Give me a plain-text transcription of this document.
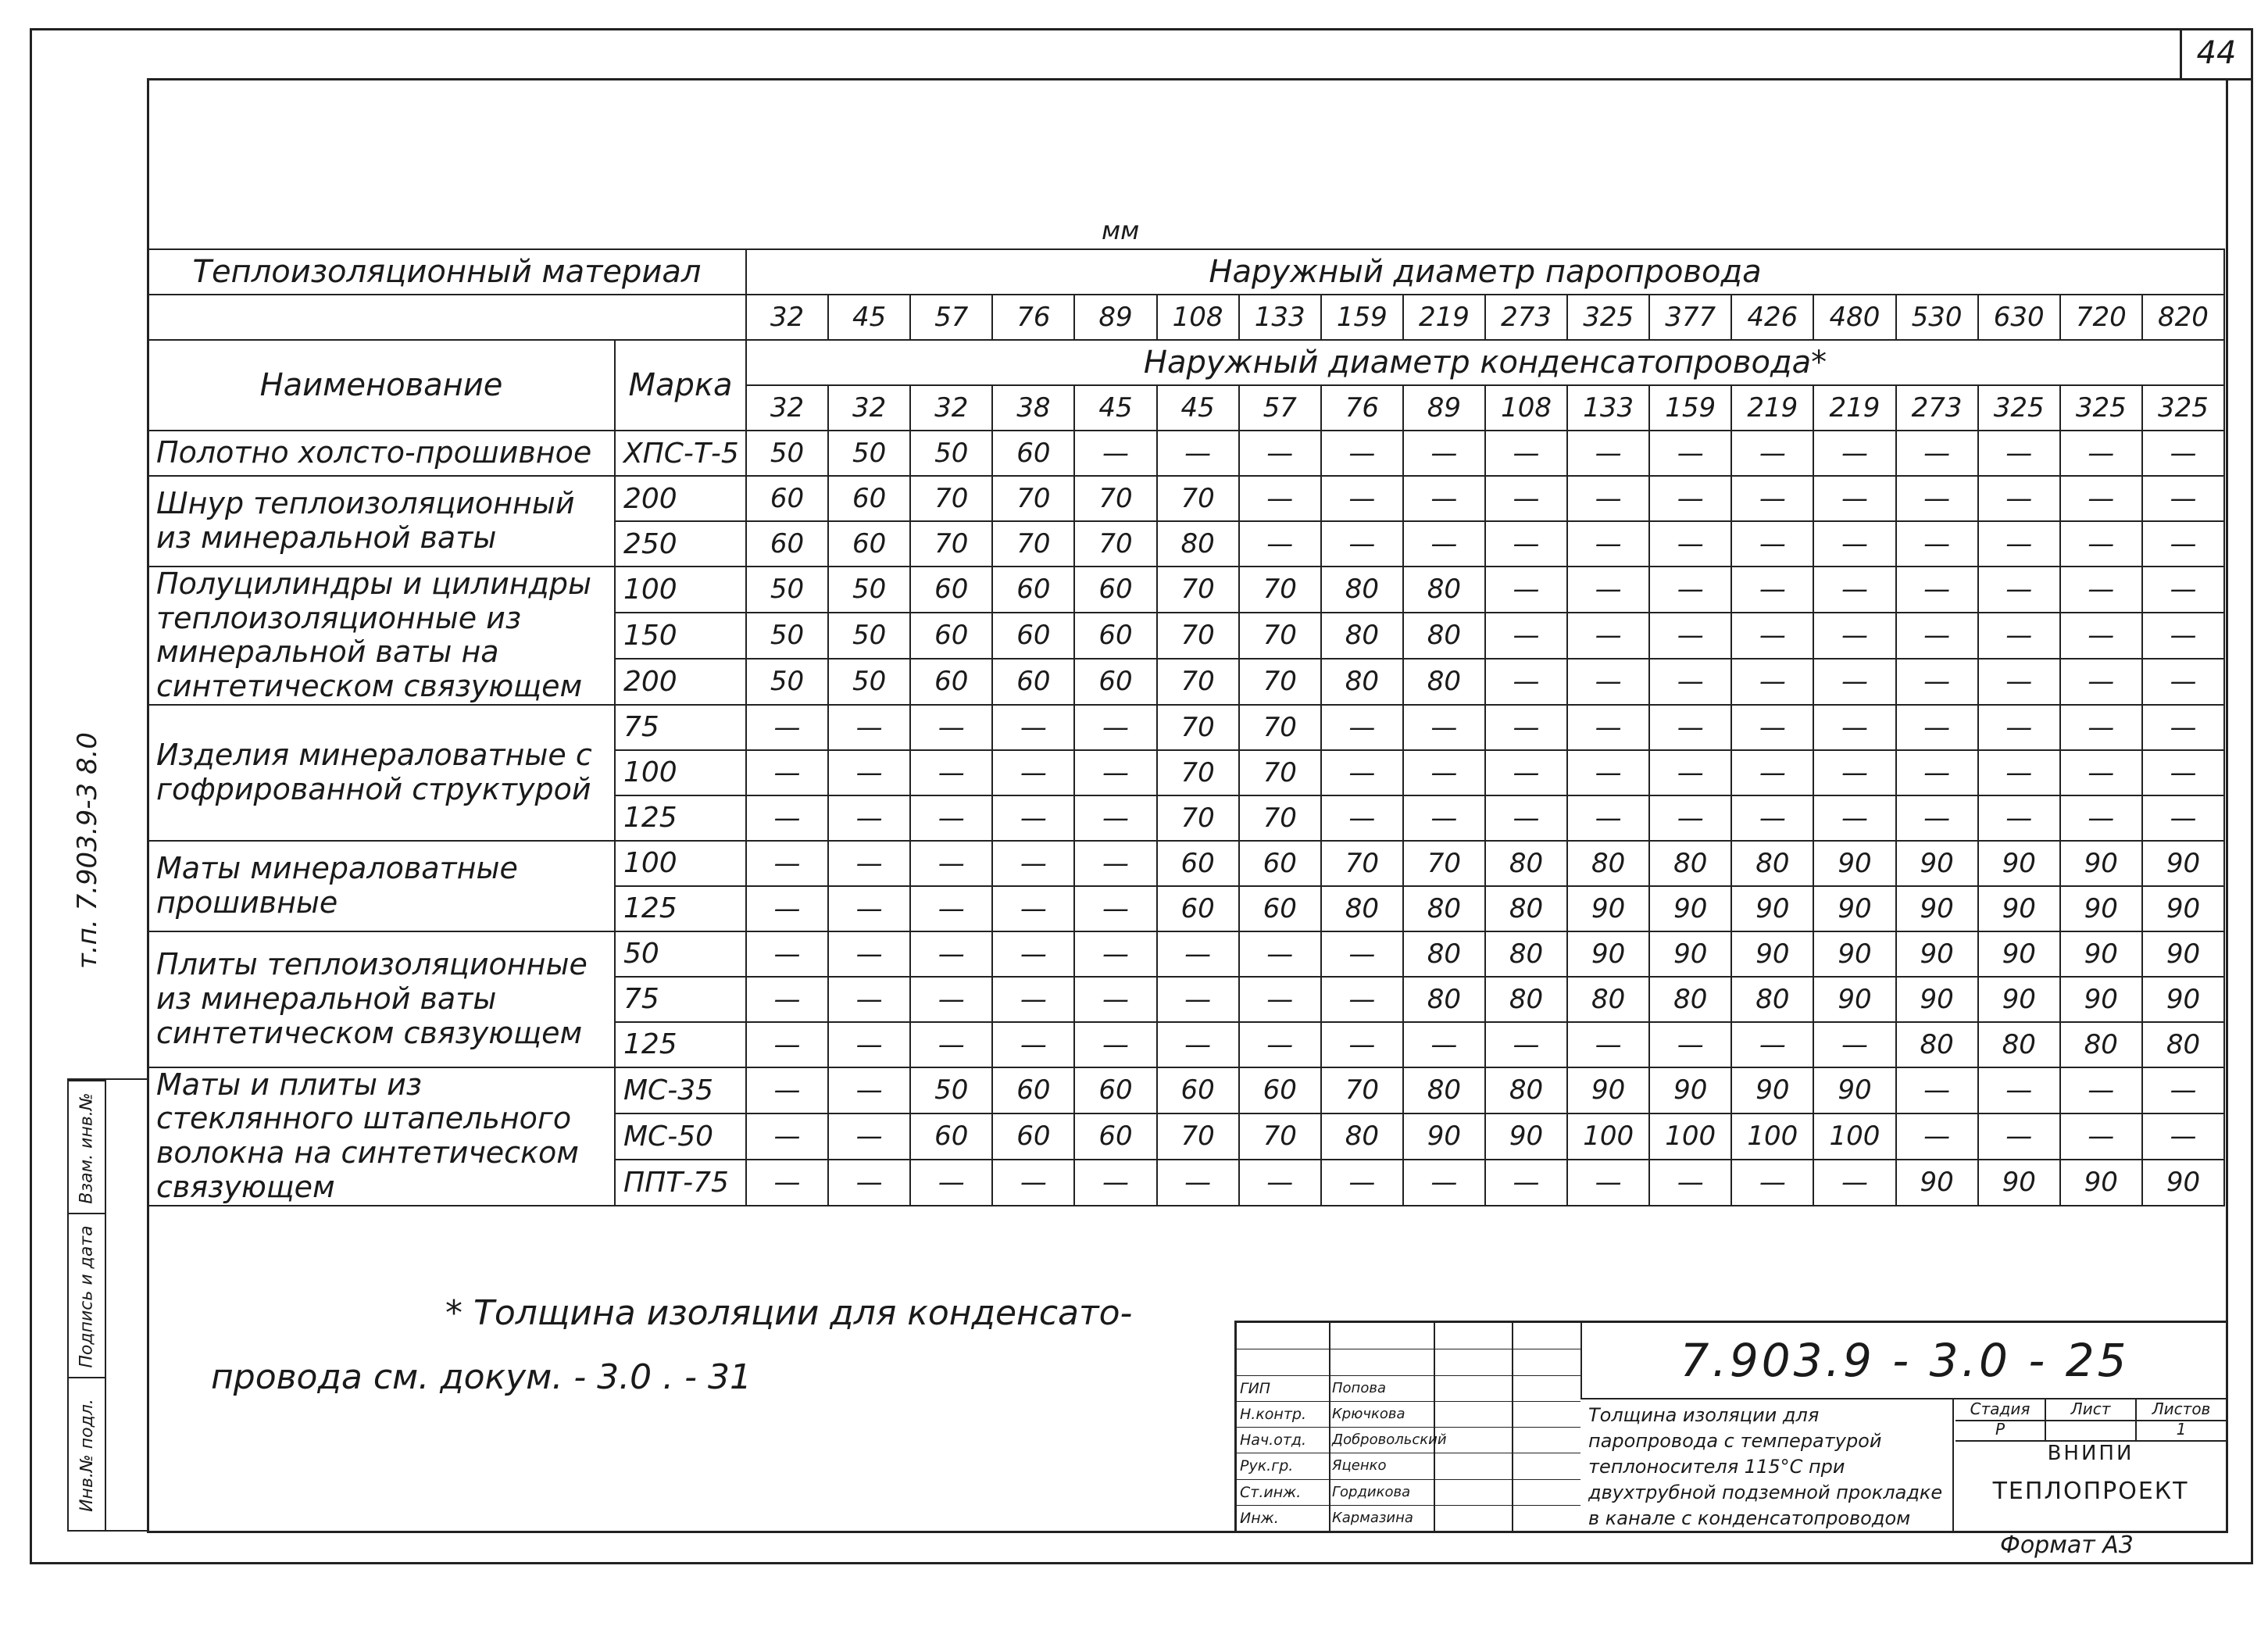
44
т.п. 7.903.9-3 8.0
Инв.№ подл.
Подпись и дата
Взам. инв.№
мм
Теплоизоляционный материал		Наружный диаметр паропровода																	
		32	45	57	76	89	108	133	159	219	273	325	377	426	480	530	630	720	820
Наименование	Марка	Наружный диаметр конденсатопровода*																	
		32	32	32	38	45	45	57	76	89	108	133	159	219	219	273	325	325	325
Полотно холсто-прошивное	ХПС-Т-5	50	50	50	60	—	—	—	—	—	—	—	—	—	—	—	—	—	—
Шнур теплоизоляционный из минеральной ваты	200	60	60	70	70	70	70	—	—	—	—	—	—	—	—	—	—	—	—
	250	60	60	70	70	70	80	—	—	—	—	—	—	—	—	—	—	—	—
Полуцилиндры и цилиндры теплоизоляционные из минеральной ваты на синтетическом связующем	100	50	50	60	60	60	70	70	80	80	—	—	—	—	—	—	—	—	—
	150	50	50	60	60	60	70	70	80	80	—	—	—	—	—	—	—	—	—
	200	50	50	60	60	60	70	70	80	80	—	—	—	—	—	—	—	—	—
Изделия минераловатные с гофрированной структурой	75	—	—	—	—	—	70	70	—	—	—	—	—	—	—	—	—	—	—
	100	—	—	—	—	—	70	70	—	—	—	—	—	—	—	—	—	—	—
	125	—	—	—	—	—	70	70	—	—	—	—	—	—	—	—	—	—	—
Маты минераловатные прошивные	100	—	—	—	—	—	60	60	70	70	80	80	80	80	90	90	90	90	90
	125	—	—	—	—	—	60	60	80	80	80	90	90	90	90	90	90	90	90
Плиты теплоизоляционные из минеральной ваты синтетическом связующем	50	—	—	—	—	—	—	—	—	80	80	90	90	90	90	90	90	90	90
	75	—	—	—	—	—	—	—	—	80	80	80	80	80	90	90	90	90	90
	125	—	—	—	—	—	—	—	—	—	—	—	—	—	—	80	80	80	80
Маты и плиты из стеклянного штапельного волокна на синтетическом связующем	МС-35	—	—	50	60	60	60	60	70	80	80	90	90	90	90	—	—	—	—
	МС-50	—	—	60	60	60	70	70	80	90	90	100	100	100	100	—	—	—	—
	ППТ-75	—	—	—	—	—	—	—	—	—	—	—	—	—	—	90	90	90	90
* Толщина изоляции для конденсато-
провода см. докум. - 3.0 . - 31	ГИП	Попова
Н.контр. Крючкова
Нач.отд. Добровольский
Рук.гр.	Яценко
Ст.инж. Гордикова
Инж.	Кармазина
7.903.9 - 3.0 - 25
Толщина изоляции для паропровода с температурой теплоносителя 115°С при двухтрубной подземной прокладке в канале с конденсатопроводом
Стадия	Лист	Листов
Р	1
ВНИПИ
ТЕПЛОПРОЕКТ
Формат А3
